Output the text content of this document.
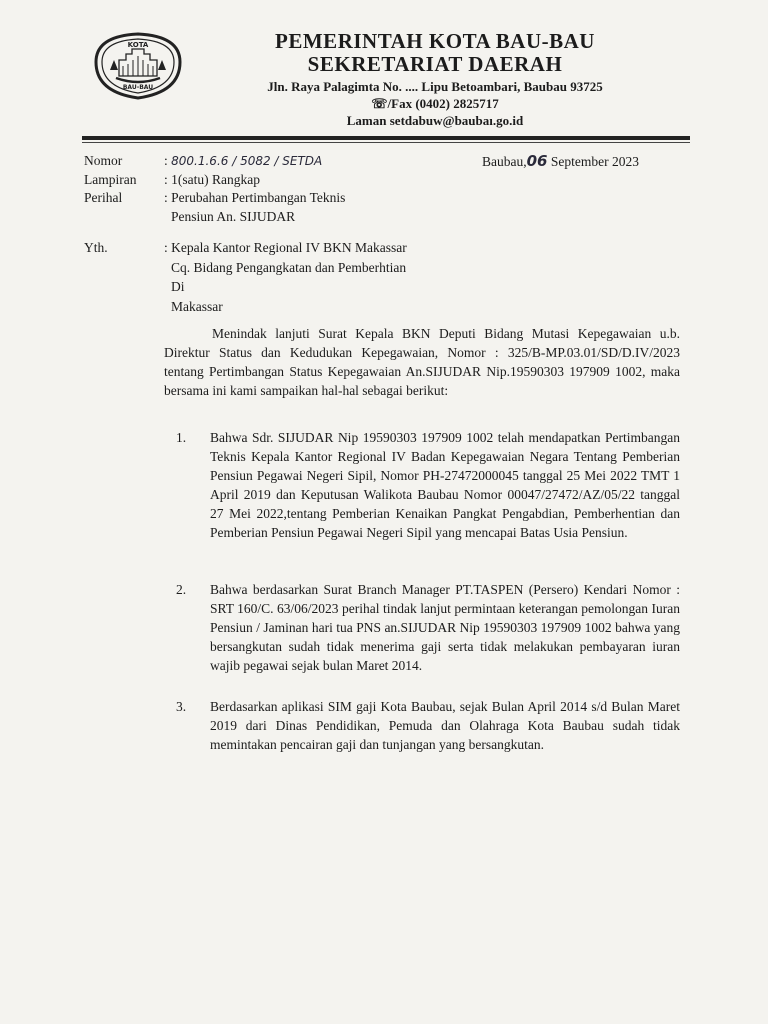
KOTA
BAU-BAU
PEMERINTAH KOTA BAU-BAU
SEKRETARIAT DAERAH
Jln. Raya Palagimta No. .... Lipu Betoambari, Baubau 93725
☏/Fax (0402) 2825717
Laman setdabuw@baubaı.go.id
Nomor	: 800.1.6.6 / 5082 / SETDA
Lampiran	: 1(satu) Rangkap
Perihal	: Perubahan Pertimbangan Teknis
Pensiun An. SIJUDAR
Baubau,06 September 2023
Yth.	: Kepala Kantor Regional IV BKN Makassar
Cq. Bidang Pengangkatan dan Pemberhtian
Di
Makassar
Menindak lanjuti Surat Kepala BKN Deputi Bidang Mutasi Kepegawaian u.b. Direktur Status dan Kedudukan Kepegawaian, Nomor : 325/B-MP.03.01/SD/D.IV/2023 tentang Pertimbangan Status Kepegawaian An.SIJUDAR Nip.19590303 197909 1002, maka bersama ini kami sampaikan hal-hal sebagai berikut:
1.	Bahwa Sdr. SIJUDAR Nip 19590303 197909 1002 telah mendapatkan Pertimbangan Teknis Kepala Kantor Regional IV Badan Kepegawaian Negara Tentang Pemberian Pensiun Pegawai Negeri Sipil, Nomor PH-27472000045 tanggal 25 Mei 2022 TMT 1 April 2019 dan Keputusan Walikota Baubau Nomor 00047/27472/AZ/05/22 tanggal 27 Mei 2022,tentang Pemberian Kenaikan Pangkat Pengabdian, Pemberhentian dan Pemberian Pensiun Pegawai Negeri Sipil yang mencapai Batas Usia Pensiun.
2.	Bahwa berdasarkan Surat Branch Manager PT.TASPEN (Persero) Kendari Nomor : SRT 160/C. 63/06/2023 perihal tindak lanjut permintaan keterangan pemolongan Iuran Pensiun / Jaminan hari tua PNS an.SIJUDAR Nip 19590303 197909 1002 bahwa yang bersangkutan sudah tidak menerima gaji serta tidak melakukan pembayaran iuran wajib pegawai sejak bulan Maret 2014.
3.	Berdasarkan aplikasi SIM gaji Kota Baubau, sejak Bulan April 2014 s/d Bulan Maret 2019 dari Dinas Pendidikan, Pemuda dan Olahraga Kota Baubau sudah tidak memintakan pencairan gaji dan tunjangan yang bersangkutan.
